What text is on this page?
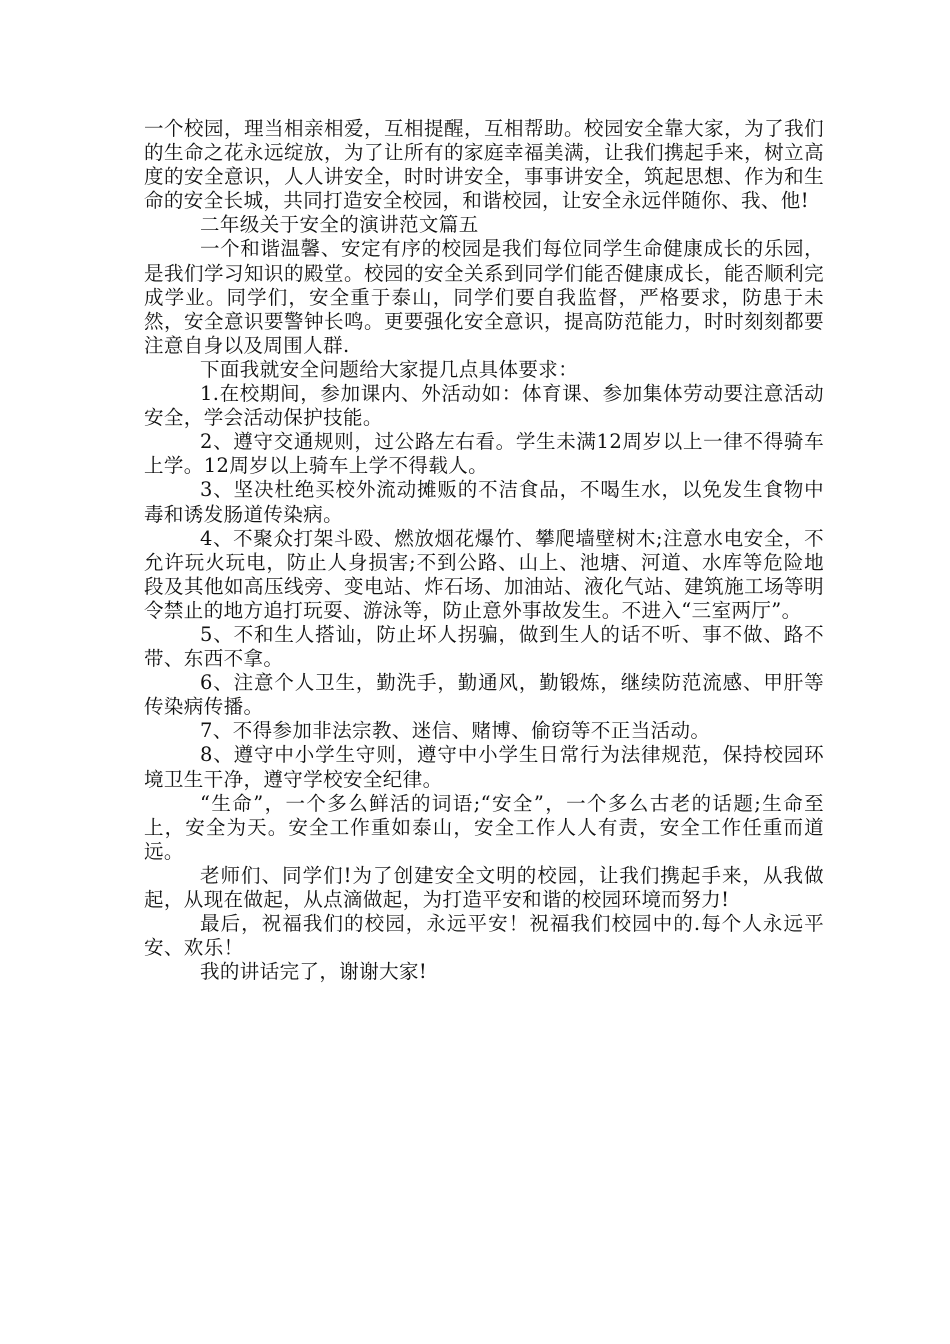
一个校园，理当相亲相爱，互相提醒，互相帮助。校园安全靠大家，为了我们的生命之花永远绽放，为了让所有的家庭幸福美满，让我们携起手来，树立高度的安全意识，人人讲安全，时时讲安全，事事讲安全，筑起思想、作为和生命的安全长城，共同打造安全校园，和谐校园，让安全永远伴随你、我、他!

二年级关于安全的演讲范文篇五

一个和谐温馨、安定有序的校园是我们每位同学生命健康成长的乐园，是我们学习知识的殿堂。校园的安全关系到同学们能否健康成长，能否顺利完成学业。同学们，安全重于泰山，同学们要自我监督，严格要求，防患于未然，安全意识要警钟长鸣。更要强化安全意识，提高防范能力，时时刻刻都要注意自身以及周围人群.

下面我就安全问题给大家提几点具体要求：

1.在校期间，参加课内、外活动如：体育课、参加集体劳动要注意活动安全，学会活动保护技能。

2、遵守交通规则，过公路左右看。学生未满12周岁以上一律不得骑车上学。12周岁以上骑车上学不得载人。

3、坚决杜绝买校外流动摊贩的不洁食品，不喝生水，以免发生食物中毒和诱发肠道传染病。

4、不聚众打架斗殴、燃放烟花爆竹、攀爬墙壁树木;注意水电安全，不允许玩火玩电，防止人身损害;不到公路、山上、池塘、河道、水库等危险地段及其他如高压线旁、变电站、炸石场、加油站、液化气站、建筑施工场等明令禁止的地方追打玩耍、游泳等，防止意外事故发生。不进入“三室两厅”。

5、不和生人搭讪，防止坏人拐骗，做到生人的话不听、事不做、路不带、东西不拿。

6、注意个人卫生，勤洗手，勤通风，勤锻炼，继续防范流感、甲肝等传染病传播。

7、不得参加非法宗教、迷信、赌博、偷窃等不正当活动。

8、遵守中小学生守则，遵守中小学生日常行为法律规范，保持校园环境卫生干净，遵守学校安全纪律。

“生命”，一个多么鲜活的词语;“安全”，一个多么古老的话题;生命至上，安全为天。安全工作重如泰山，安全工作人人有责，安全工作任重而道远。

老师们、同学们!为了创建安全文明的校园，让我们携起手来，从我做起，从现在做起，从点滴做起，为打造平安和谐的校园环境而努力!

最后，祝福我们的校园，永远平安！祝福我们校园中的.每个人永远平安、欢乐！

我的讲话完了，谢谢大家!
